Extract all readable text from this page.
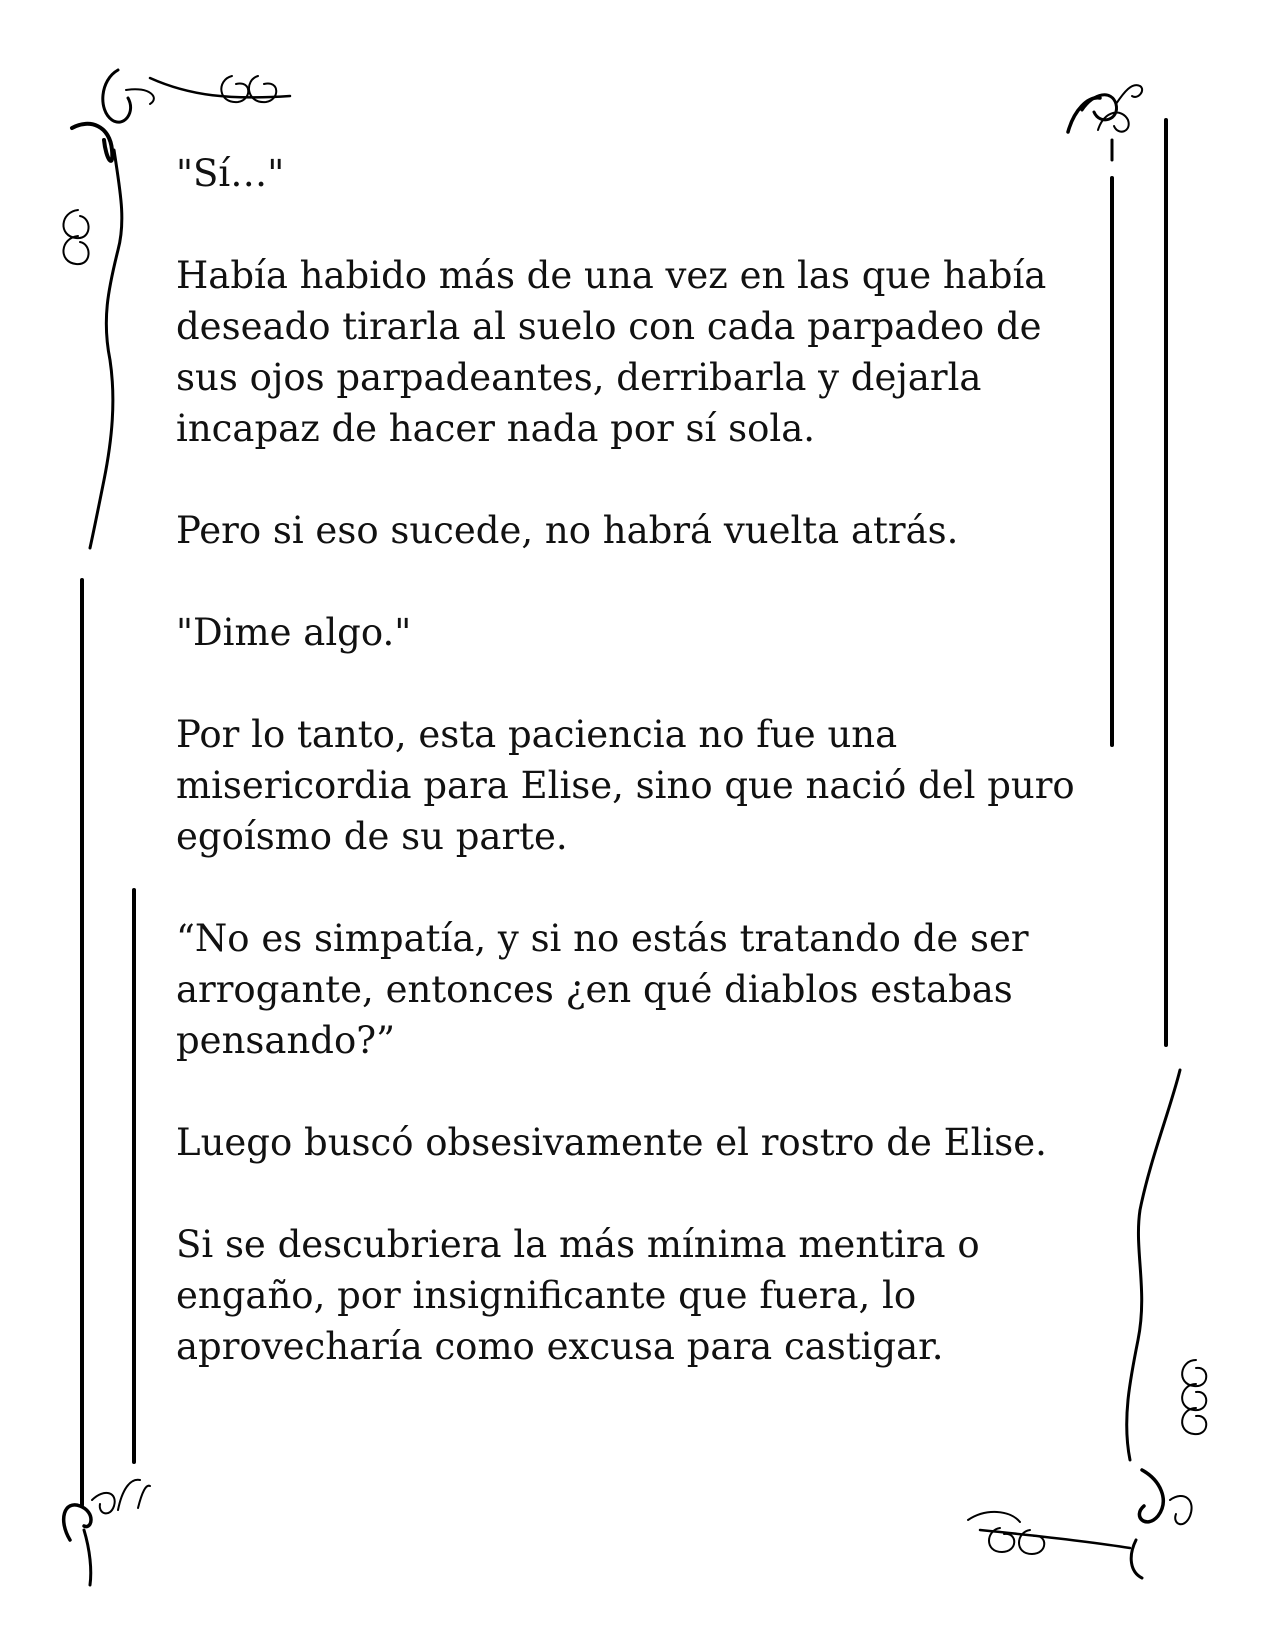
"Sí…"

Había habido más de una vez en las que había
deseado tirarla al suelo con cada parpadeo de
sus ojos parpadeantes, derribarla y dejarla
incapaz de hacer nada por sí sola.

Pero si eso sucede, no habrá vuelta atrás.

"Dime algo."

Por lo tanto, esta paciencia no fue una
misericordia para Elise, sino que nació del puro
egoísmo de su parte.

“No es simpatía, y si no estás tratando de ser
arrogante, entonces ¿en qué diablos estabas
pensando?”

Luego buscó obsesivamente el rostro de Elise.

Si se descubriera la más mínima mentira o
engaño, por insignificante que fuera, lo
aprovecharía como excusa para castigar.
